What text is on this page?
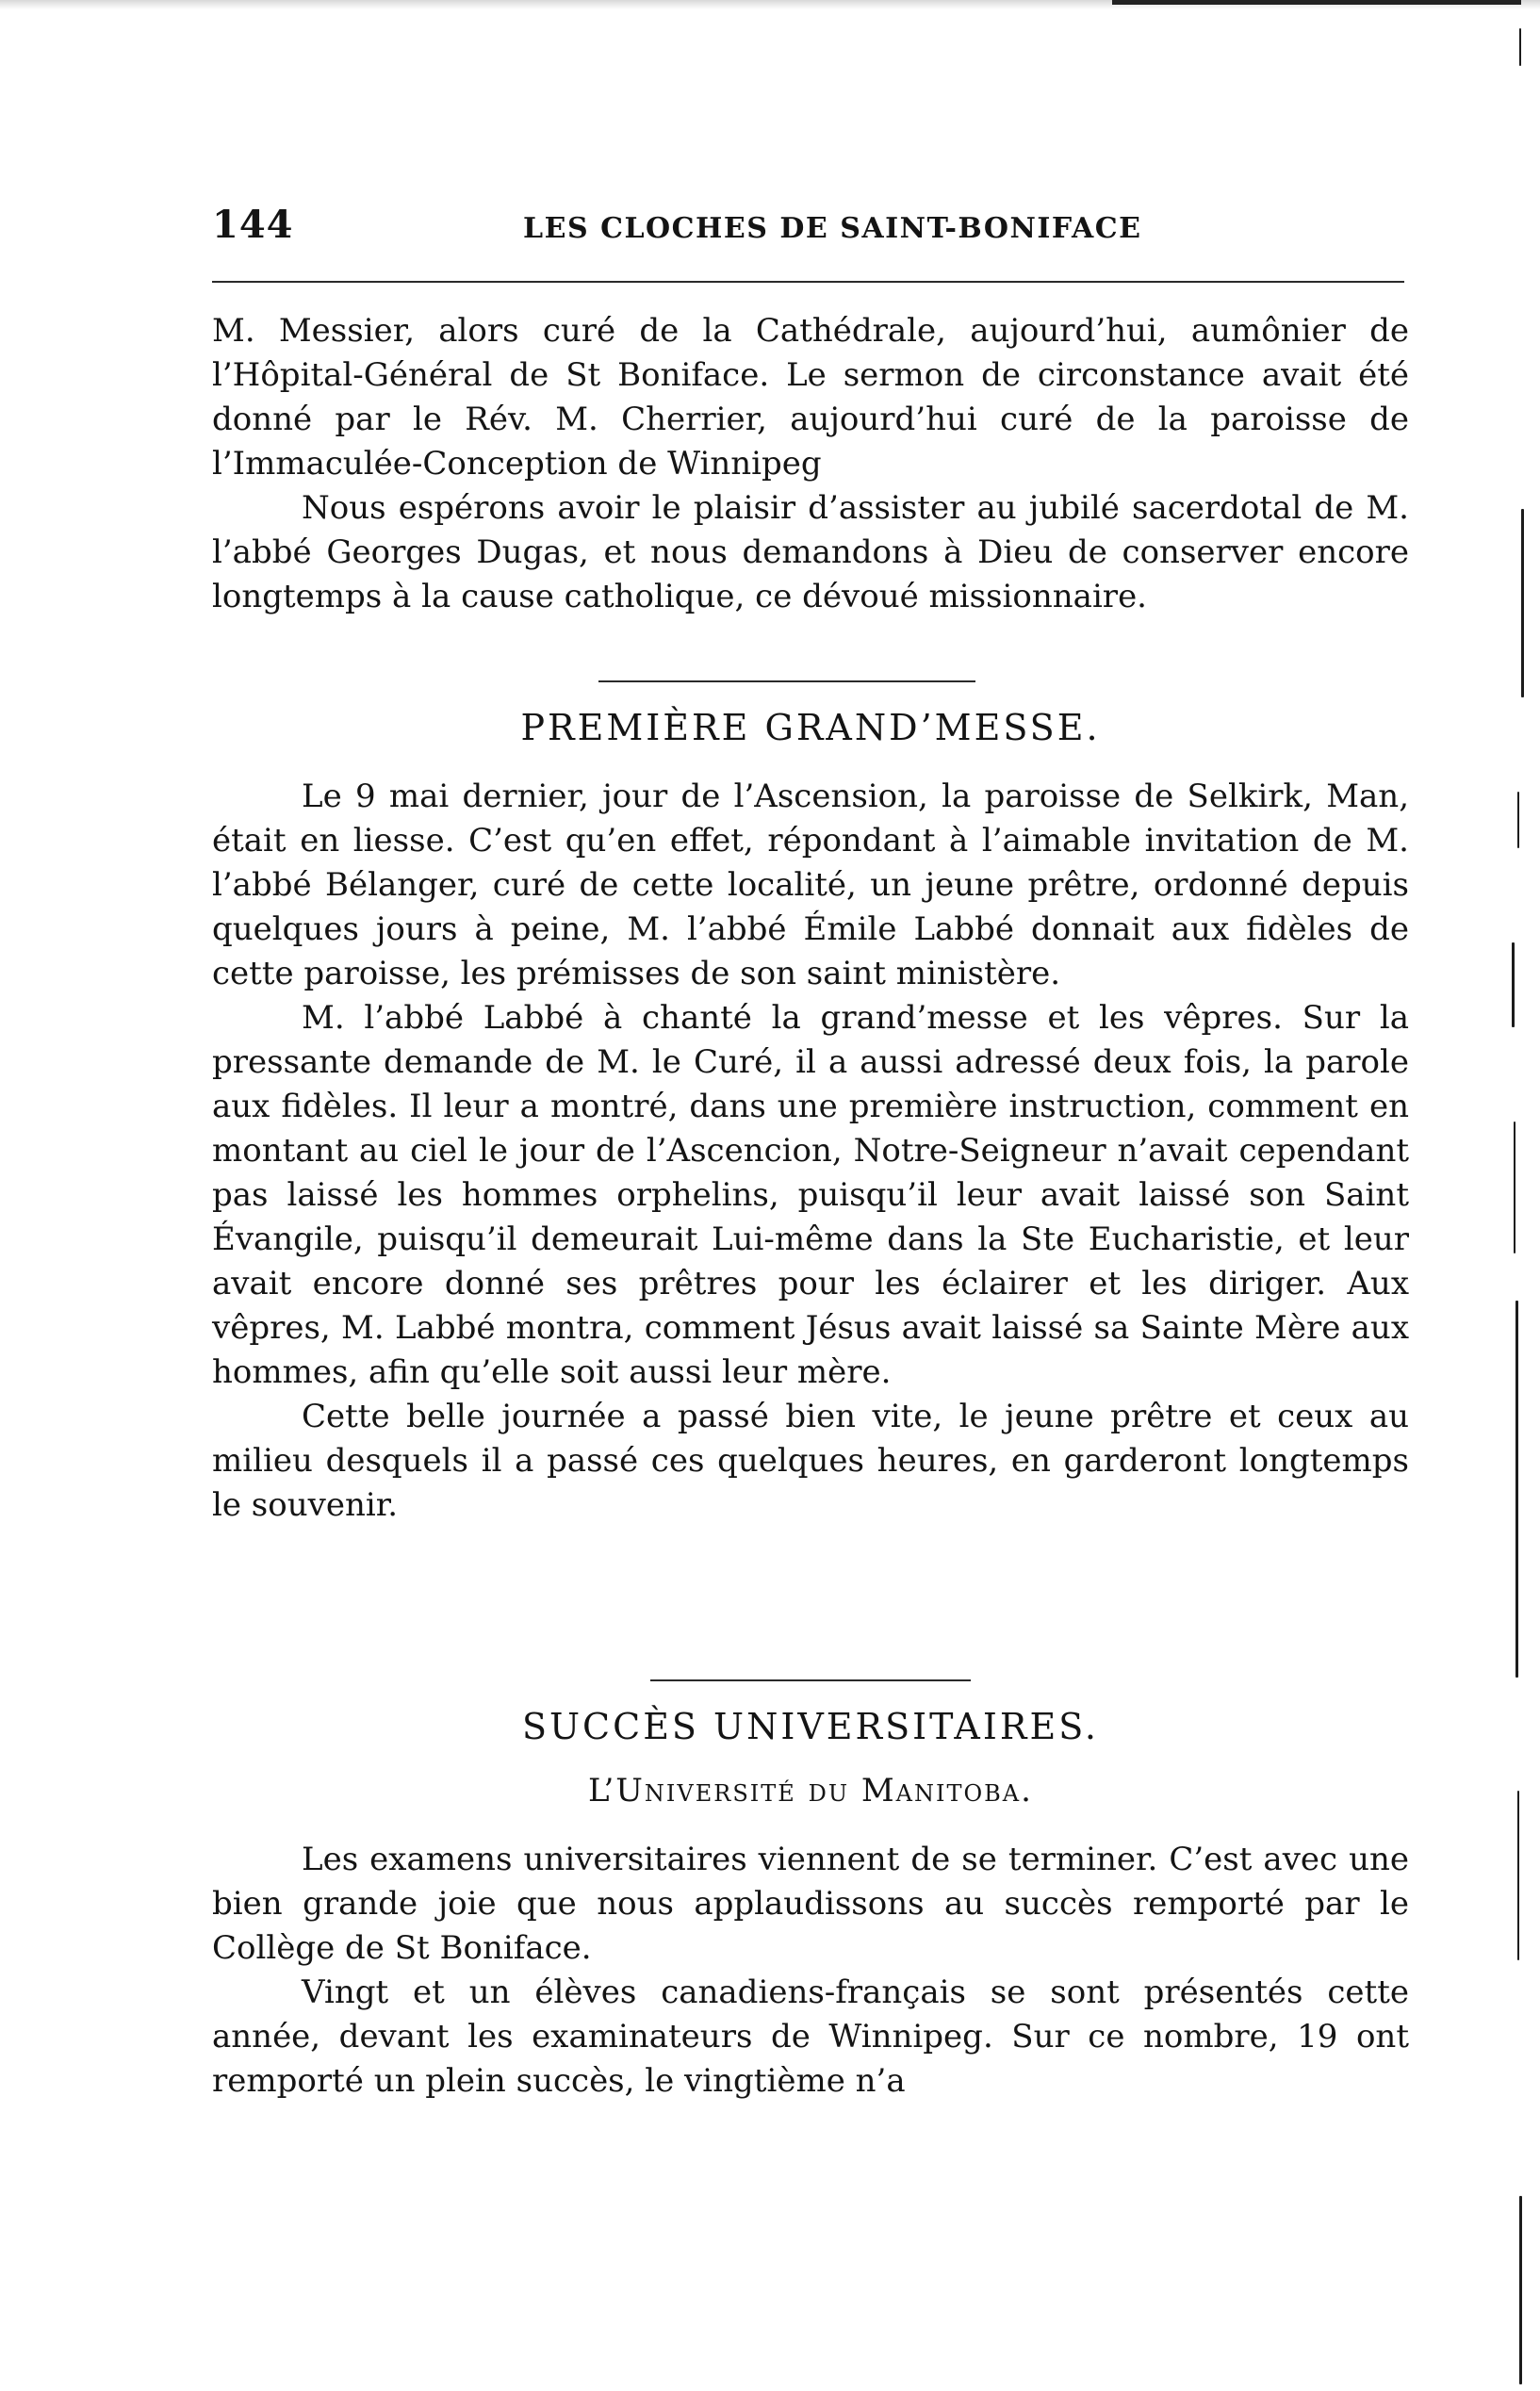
144	LES CLOCHES DE SAINT-BONIFACE

M. Messier, alors curé de la Cathédrale, aujourd’hui, aumônier de l’Hôpital-Général de St Boniface. Le sermon de circonstance avait été donné par le Rév. M. Cherrier, aujourd’hui curé de la paroisse de l’Immaculée-Conception de Winnipeg

Nous espérons avoir le plaisir d’assister au jubilé sacerdotal de M. l’abbé Georges Dugas, et nous demandons à Dieu de conserver encore longtemps à la cause catholique, ce dévoué missionnaire.

PREMIÈRE GRAND’MESSE.

Le 9 mai dernier, jour de l’Ascension, la paroisse de Selkirk, Man, était en liesse. C’est qu’en effet, répondant à l’aimable invitation de M. l’abbé Bélanger, curé de cette localité, un jeune prêtre, ordonné depuis quelques jours à peine, M. l’abbé Émile Labbé donnait aux fidèles de cette paroisse, les prémisses de son saint ministère.

M. l’abbé Labbé à chanté la grand’messe et les vêpres. Sur la pressante demande de M. le Curé, il a aussi adressé deux fois, la parole aux fidèles. Il leur a montré, dans une première instruction, comment en montant au ciel le jour de l’Ascencion, Notre-Seigneur n’avait cependant pas laissé les hommes orphelins, puisqu’il leur avait laissé son Saint Évangile, puisqu’il demeurait Lui-même dans la Ste Eucharistie, et leur avait encore donné ses prêtres pour les éclairer et les diriger. Aux vêpres, M. Labbé montra, comment Jésus avait laissé sa Sainte Mère aux hommes, afin qu’elle soit aussi leur mère.

Cette belle journée a passé bien vite, le jeune prêtre et ceux au milieu desquels il a passé ces quelques heures, en garderont longtemps le souvenir.

SUCCÈS UNIVERSITAIRES.
L’Université du Manitoba.

Les examens universitaires viennent de se terminer. C’est avec une bien grande joie que nous applaudissons au succès remporté par le Collège de St Boniface.

Vingt et un élèves canadiens-français se sont présentés cette année, devant les examinateurs de Winnipeg. Sur ce nombre, 19 ont remporté un plein succès, le vingtième n’a
